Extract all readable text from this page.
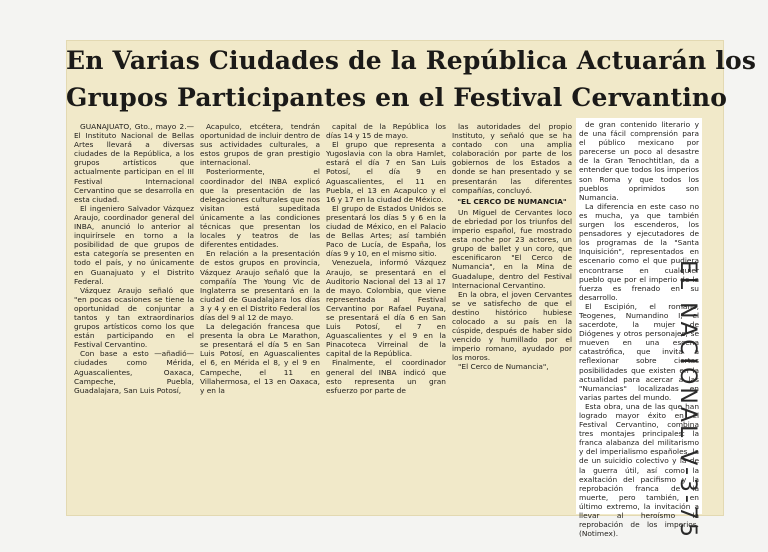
En Varias Ciudades de la República Actuarán los
Grupos Participantes en el Festival Cervantino

GUANAJUATO, Gto., mayo 2.—El Instituto Nacional de Bellas Artes llevará a diversas ciudades de la República, a los grupos artísticos que actualmente participan en el III Festival Internacional Cervantino que se desarrolla en esta ciudad.

El ingeniero Salvador Vázquez Araujo, coordinador general del INBA, anunció lo anterior al inquirírsele en torno a la posibilidad de que grupos de esta categoría se presenten en todo el país, y no únicamente en Guanajuato y el Distrito Federal.

Vázquez Araujo señaló que "en pocas ocasiones se tiene la oportunidad de conjuntar a tantos y tan extraordinarios grupos artísticos como los que están participando en el Festival Cervantino.

Con base a esto —añadió— ciudades como Mérida, Aguascalientes, Oaxaca, Campeche, Puebla, Guadalajara, San Luis Potosí,

Acapulco, etcétera, tendrán oportunidad de incluir dentro de sus actividades culturales, a estos grupos de gran prestigio internacional.

Posteriormente, el coordinador del INBA explicó que la presentación de las delegaciones culturales que nos visitan está supeditada únicamente a las condiciones técnicas que presentan los locales y teatros de las diferentes entidades.

En relación a la presentación de estos grupos en provincia, Vázquez Araujo señaló que la compañía The Young Vic de Inglaterra se presentará en la ciudad de Guadalajara los días 3 y 4 y en el Distrito Federal los días del 9 al 12 de mayo.

La delegación francesa que presenta la obra Le Marathon, se presentará el día 5 en San Luis Potosí, en Aguascalientes el 6, en Mérida el 8, y el 9 en Campeche, el 11 en Villahermosa, el 13 en Oaxaca, y en la

capital de la República los días 14 y 15 de mayo.

El grupo que representa a Yugoslavia con la obra Hamlet, estará el día 7 en San Luis Potosí, el día 9 en Aguascalientes, el 11 en Puebla, el 13 en Acapulco y el 16 y 17 en la ciudad de México.

El grupo de Estados Unidos se presentará los días 5 y 6 en la ciudad de México, en el Palacio de Bellas Artes; así también Paco de Lucía, de España, los días 9 y 10, en el mismo sitio.

Venezuela, informó Vázquez Araujo, se presentará en el Auditorio Nacional del 13 al 17 de mayo. Colombia, que viene representada al Festival Cervantino por Rafael Puyana, se presentará el día 6 en San Luis Potosí, el 7 en Aguascalientes y el 9 en la Pinacoteca Virreinal de la capital de la República.

Finalmente, el coordinador general del INBA indicó que esto representa un gran esfuerzo por parte de

las autoridades del propio Instituto, y señaló que se ha contado con una amplia colaboración por parte de los gobiernos de los Estados a donde se han presentado y se presentarán las diferentes compañías, concluyó.

"EL CERCO DE NUMANCIA"

Un Miguel de Cervantes loco de ebriedad por los triunfos del imperio español, fue mostrado esta noche por 23 actores, un grupo de ballet y un coro, que escenificaron "El Cerco de Numancia", en la Mina de Guadalupe, dentro del Festival Internacional Cervantino.

En la obra, el joven Cervantes se ve satisfecho de que el destino histórico hubiese colocado a su país en la cúspide, después de haber sido vencido y humillado por el imperio romano, ayudado por los moros.

"El Cerco de Numancia",

de gran contenido literario y de una fácil comprensión para el público mexicano por parecerse un poco al desastre de la Gran Tenochtitlan, da a entender que todos los imperios son Roma y que todos los pueblos oprimidos son Numancia.

La diferencia en este caso no es mucha, ya que también surgen los escenderos, los pensadores y ejecutadores de los programas de la "Santa Inquisición", representados en escenario como el que pudiera encontrarse en cualquier pueblo que por el imperio de la fuerza es frenado en su desarrollo.

El Escipión, el romano, Teogenes, Numandino I, el sacerdote, la mujer de Diógenes y otros personajes, se mueven en una escena catastrófica, que invita a reflexionar sobre ciertas posibilidades que existen en la actualidad para acercar a las "Numancias" localizadas en varias partes del mundo.

Esta obra, una de las que han logrado mayor éxito en el Festival Cervantino, combina tres montajes principales: la franca alabanza del militarismo y del imperialismo españoles, la de un suicidio colectivo y la de la guerra útil, así como la exaltación del pacifismo y la reprobación franca de la muerte, pero también, en último extremo, la invitación a llevar al heroísmo la reprobación de los imperios. (Notimex).	EL NACIONAL V-3-75
